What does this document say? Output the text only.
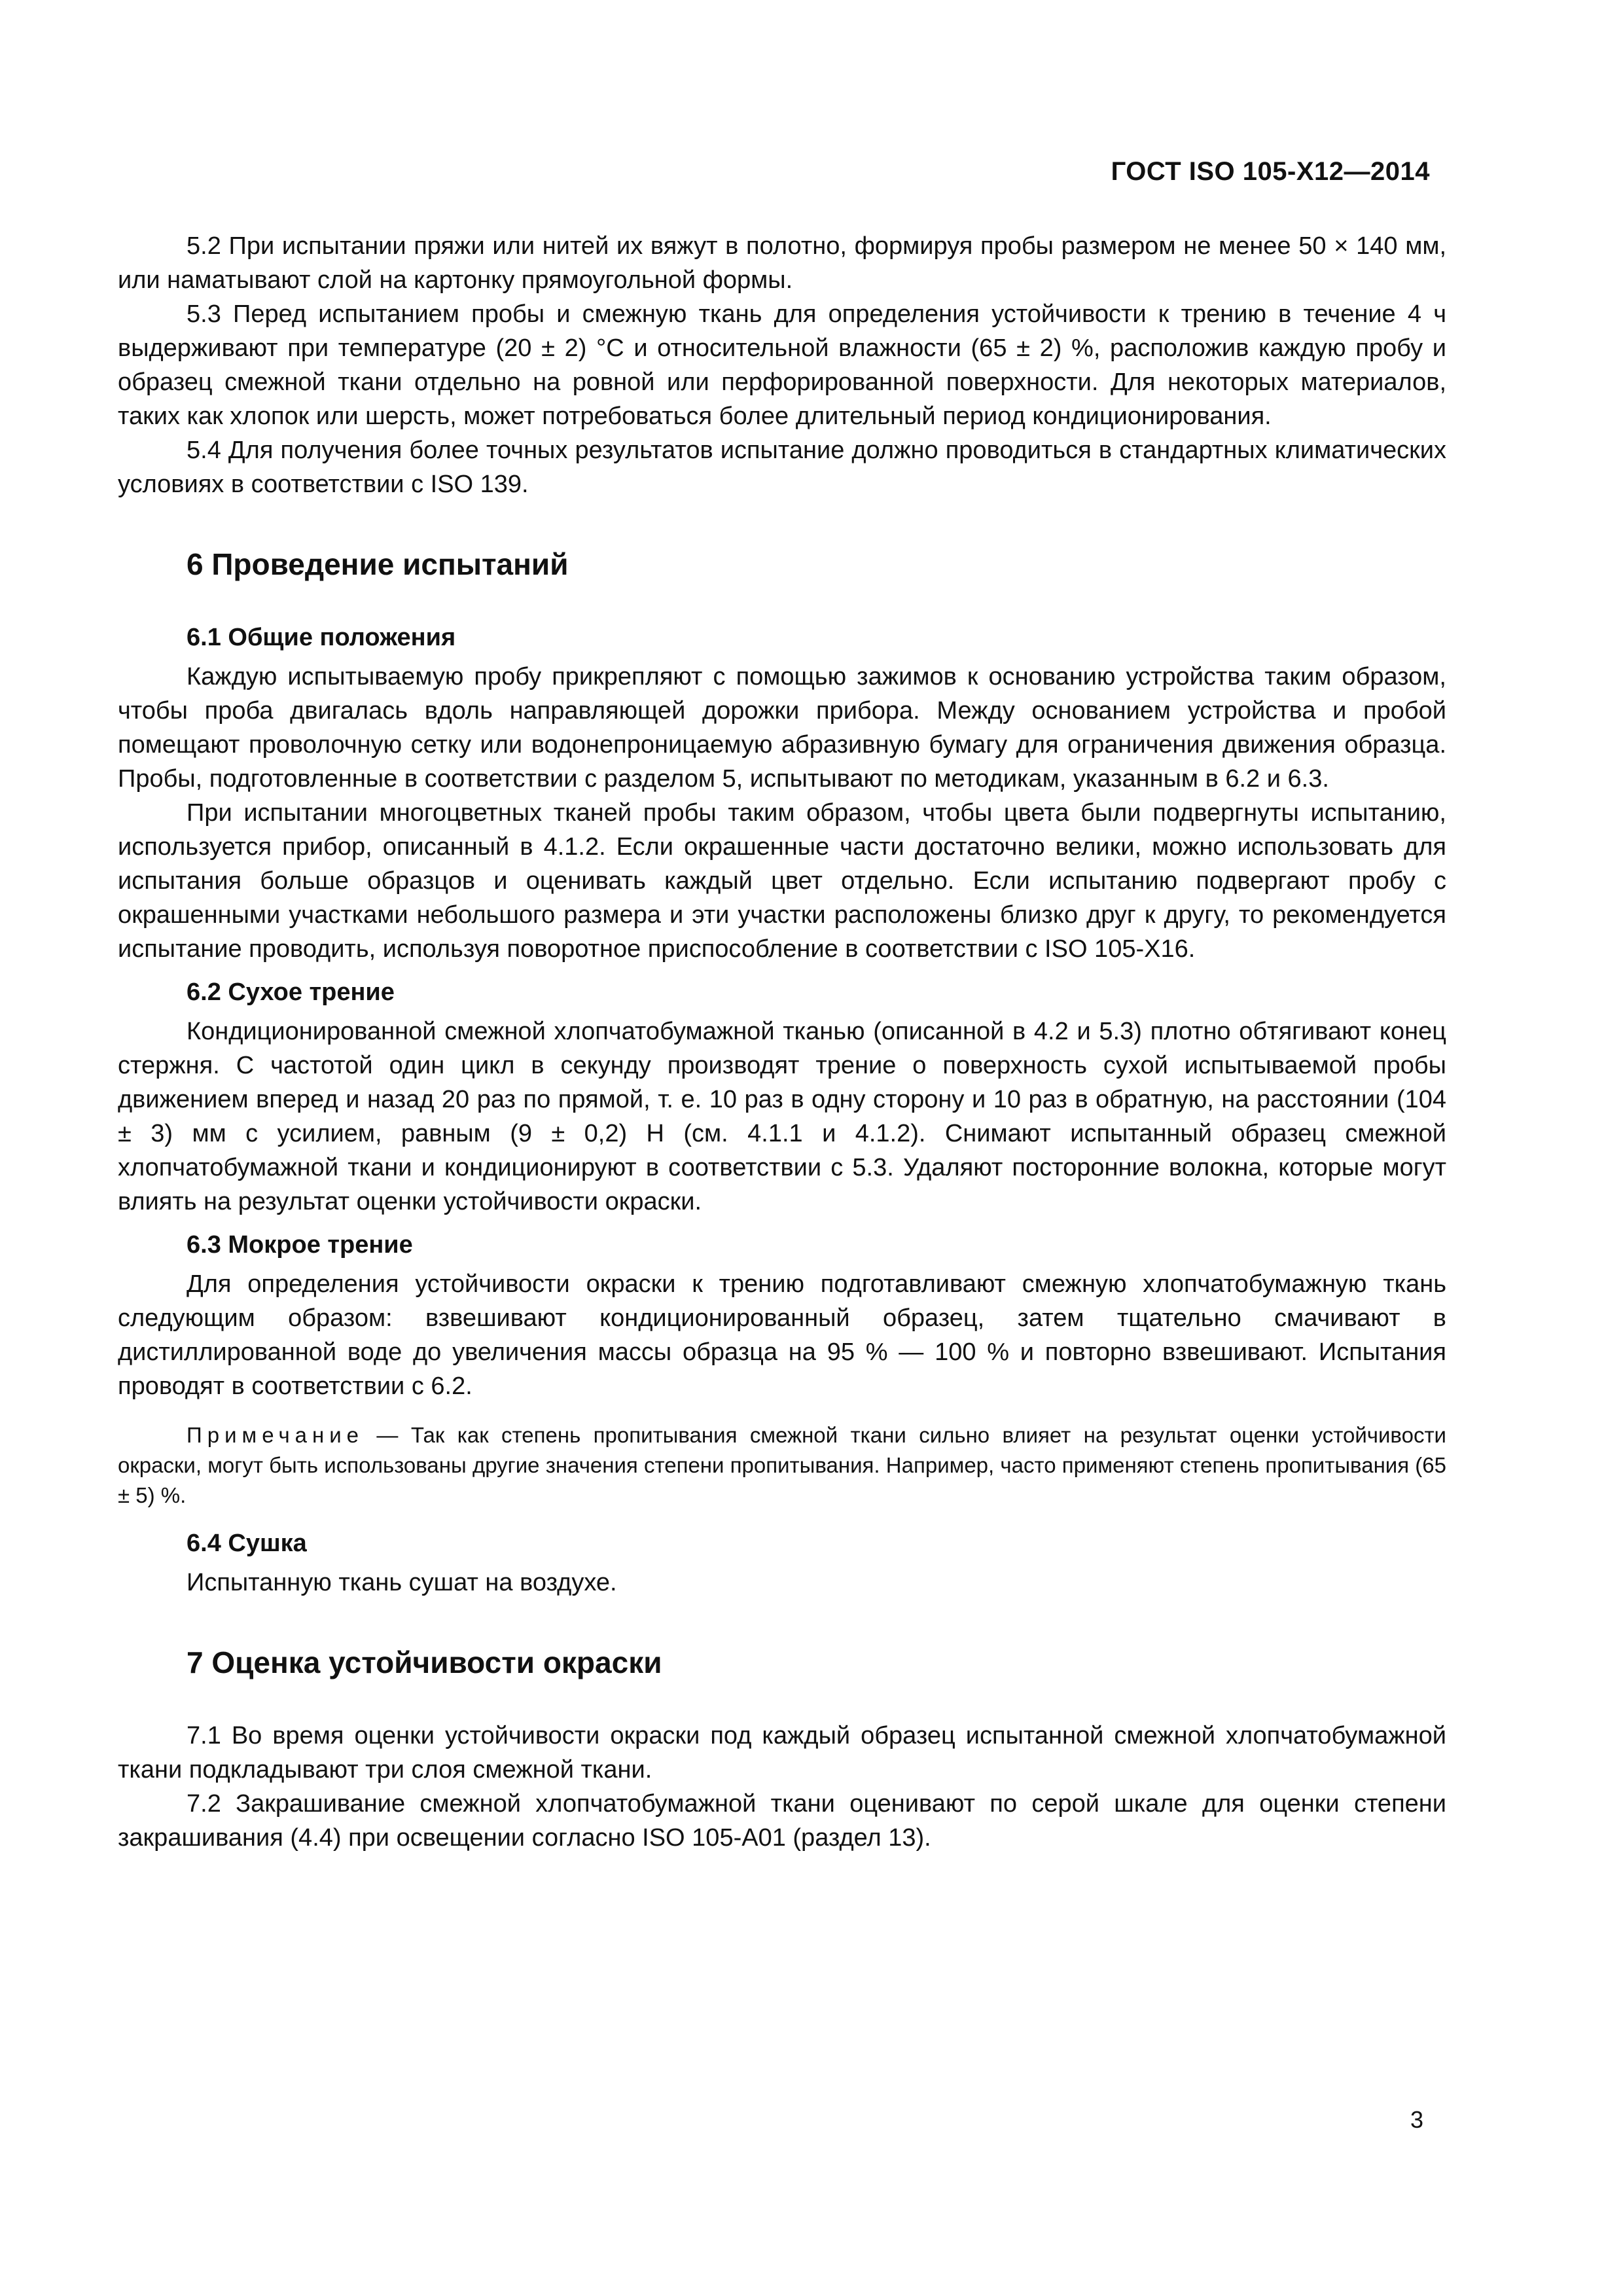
ГОСТ ISO 105-X12—2014

5.2 При испытании пряжи или нитей их вяжут в полотно, формируя пробы размером не менее 50 × 140 мм, или наматывают слой на картонку прямоугольной формы.

5.3 Перед испытанием пробы и смежную ткань для определения устойчивости к трению в течение 4 ч выдерживают при температуре (20 ± 2) °C и относительной влажности (65 ± 2) %, расположив каждую пробу и образец смежной ткани отдельно на ровной или перфорированной поверхности. Для некоторых материалов, таких как хлопок или шерсть, может потребоваться более длительный период кондиционирования.

5.4 Для получения более точных результатов испытание должно проводиться в стандартных климатических условиях в соответствии с ISO 139.

6 Проведение испытаний
6.1 Общие положения

Каждую испытываемую пробу прикрепляют с помощью зажимов к основанию устройства таким образом, чтобы проба двигалась вдоль направляющей дорожки прибора. Между основанием устройства и пробой помещают проволочную сетку или водонепроницаемую абразивную бумагу для ограничения движения образца. Пробы, подготовленные в соответствии с разделом 5, испытывают по методикам, указанным в 6.2 и 6.3.

При испытании многоцветных тканей пробы таким образом, чтобы цвета были подвергнуты испытанию, используется прибор, описанный в 4.1.2. Если окрашенные части достаточно велики, можно использовать для испытания больше образцов и оценивать каждый цвет отдельно. Если испытанию подвергают пробу с окрашенными участками небольшого размера и эти участки расположены близко друг к другу, то рекомендуется испытание проводить, используя поворотное приспособление в соответствии с ISO 105-X16.

6.2 Сухое трение

Кондиционированной смежной хлопчатобумажной тканью (описанной в 4.2 и 5.3) плотно обтягивают конец стержня. С частотой один цикл в секунду производят трение о поверхность сухой испытываемой пробы движением вперед и назад 20 раз по прямой, т. е. 10 раз в одну сторону и 10 раз в обратную, на расстоянии (104 ± 3) мм с усилием, равным (9 ± 0,2) Н (см. 4.1.1 и 4.1.2). Снимают испытанный образец смежной хлопчатобумажной ткани и кондиционируют в соответствии с 5.3. Удаляют посторонние волокна, которые могут влиять на результат оценки устойчивости окраски.

6.3 Мокрое трение

Для определения устойчивости окраски к трению подготавливают смежную хлопчатобумажную ткань следующим образом: взвешивают кондиционированный образец, затем тщательно смачивают в дистиллированной воде до увеличения массы образца на 95 % — 100 % и повторно взвешивают. Испытания проводят в соответствии с 6.2.

Примечание — Так как степень пропитывания смежной ткани сильно влияет на результат оценки устойчивости окраски, могут быть использованы другие значения степени пропитывания. Например, часто применяют степень пропитывания (65 ± 5) %.
6.4 Сушка

Испытанную ткань сушат на воздухе.

7 Оценка устойчивости окраски

7.1 Во время оценки устойчивости окраски под каждый образец испытанной смежной хлопчатобумажной ткани подкладывают три слоя смежной ткани.

7.2 Закрашивание смежной хлопчатобумажной ткани оценивают по серой шкале для оценки степени закрашивания (4.4) при освещении согласно ISO 105-A01 (раздел 13).

3
